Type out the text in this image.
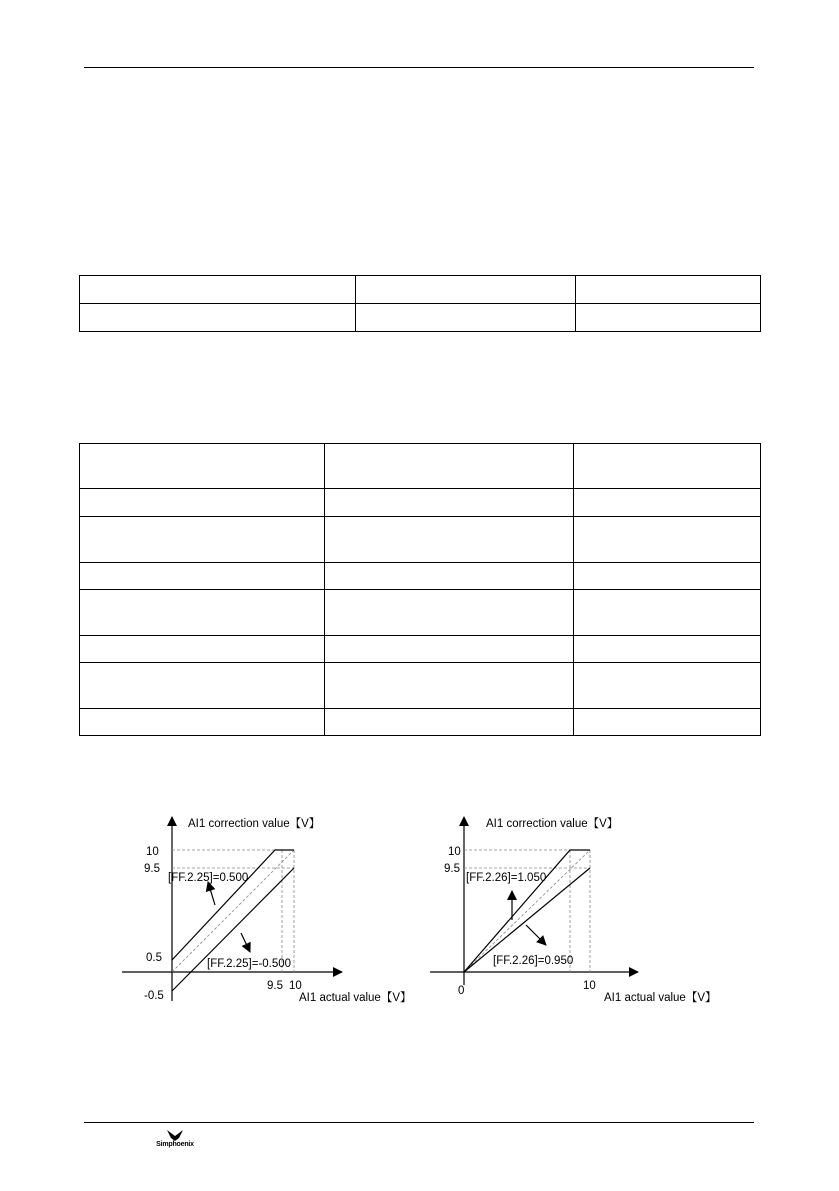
AI1 correction value【V】
AI1 actual value【V】
10
9.5
0.5
-0.5
9.5 10
[FF.2.25]=0.500
[FF.2.25]=-0.500
AI1 correction value【V】
AI1 actual value【V】
10
9.5
0	10
[FF.2.26]=1.050
[FF.2.26]=0.950
Simphoenix
